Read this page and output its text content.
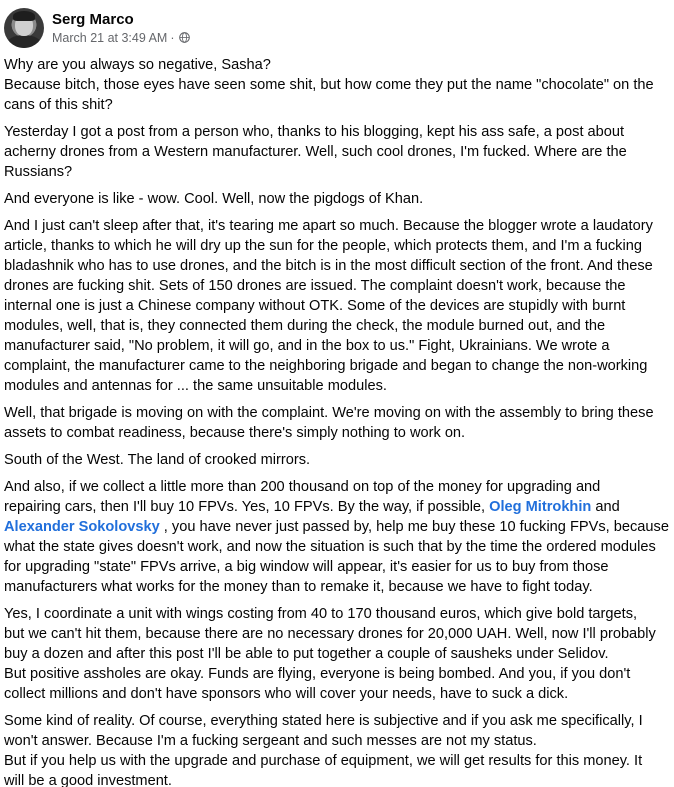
Serg Marco
March 21 at 3:49 AM ·

Why are you always so negative, Sasha?
Because bitch, those eyes have seen some shit, but how come they put the name "chocolate" on the
cans of this shit?

Yesterday I got a post from a person who, thanks to his blogging, kept his ass safe, a post about
acherny drones from a Western manufacturer. Well, such cool drones, I'm fucked. Where are the
Russians?

And everyone is like - wow. Cool. Well, now the pigdogs of Khan.

And I just can't sleep after that, it's tearing me apart so much. Because the blogger wrote a laudatory
article, thanks to which he will dry up the sun for the people, which protects them, and I'm a fucking
bladashnik who has to use drones, and the bitch is in the most difficult section of the front. And these
drones are fucking shit. Sets of 150 drones are issued. The complaint doesn't work, because the
internal one is just a Chinese company without OTK. Some of the devices are stupidly with burnt
modules, well, that is, they connected them during the check, the module burned out, and the
manufacturer said, "No problem, it will go, and in the box to us." Fight, Ukrainians. We wrote a
complaint, the manufacturer came to the neighboring brigade and began to change the non-working
modules and antennas for ... the same unsuitable modules.

Well, that brigade is moving on with the complaint. We're moving on with the assembly to bring these
assets to combat readiness, because there's simply nothing to work on.

South of the West. The land of crooked mirrors.

And also, if we collect a little more than 200 thousand on top of the money for upgrading and
repairing cars, then I'll buy 10 FPVs. Yes, 10 FPVs. By the way, if possible, Oleg Mitrokhin and
Alexander Sokolovsky , you have never just passed by, help me buy these 10 fucking FPVs, because
what the state gives doesn't work, and now the situation is such that by the time the ordered modules
for upgrading "state" FPVs arrive, a big window will appear, it's easier for us to buy from those
manufacturers what works for the money than to remake it, because we have to fight today.

Yes, I coordinate a unit with wings costing from 40 to 170 thousand euros, which give bold targets,
but we can't hit them, because there are no necessary drones for 20,000 UAH. Well, now I'll probably
buy a dozen and after this post I'll be able to put together a couple of sausheks under Selidov.
But positive assholes are okay. Funds are flying, everyone is being bombed. And you, if you don't
collect millions and don't have sponsors who will cover your needs, have to suck a dick.

Some kind of reality. Of course, everything stated here is subjective and if you ask me specifically, I
won't answer. Because I'm a fucking sergeant and such messes are not my status.
But if you help us with the upgrade and purchase of equipment, we will get results for this money. It
will be a good investment.
